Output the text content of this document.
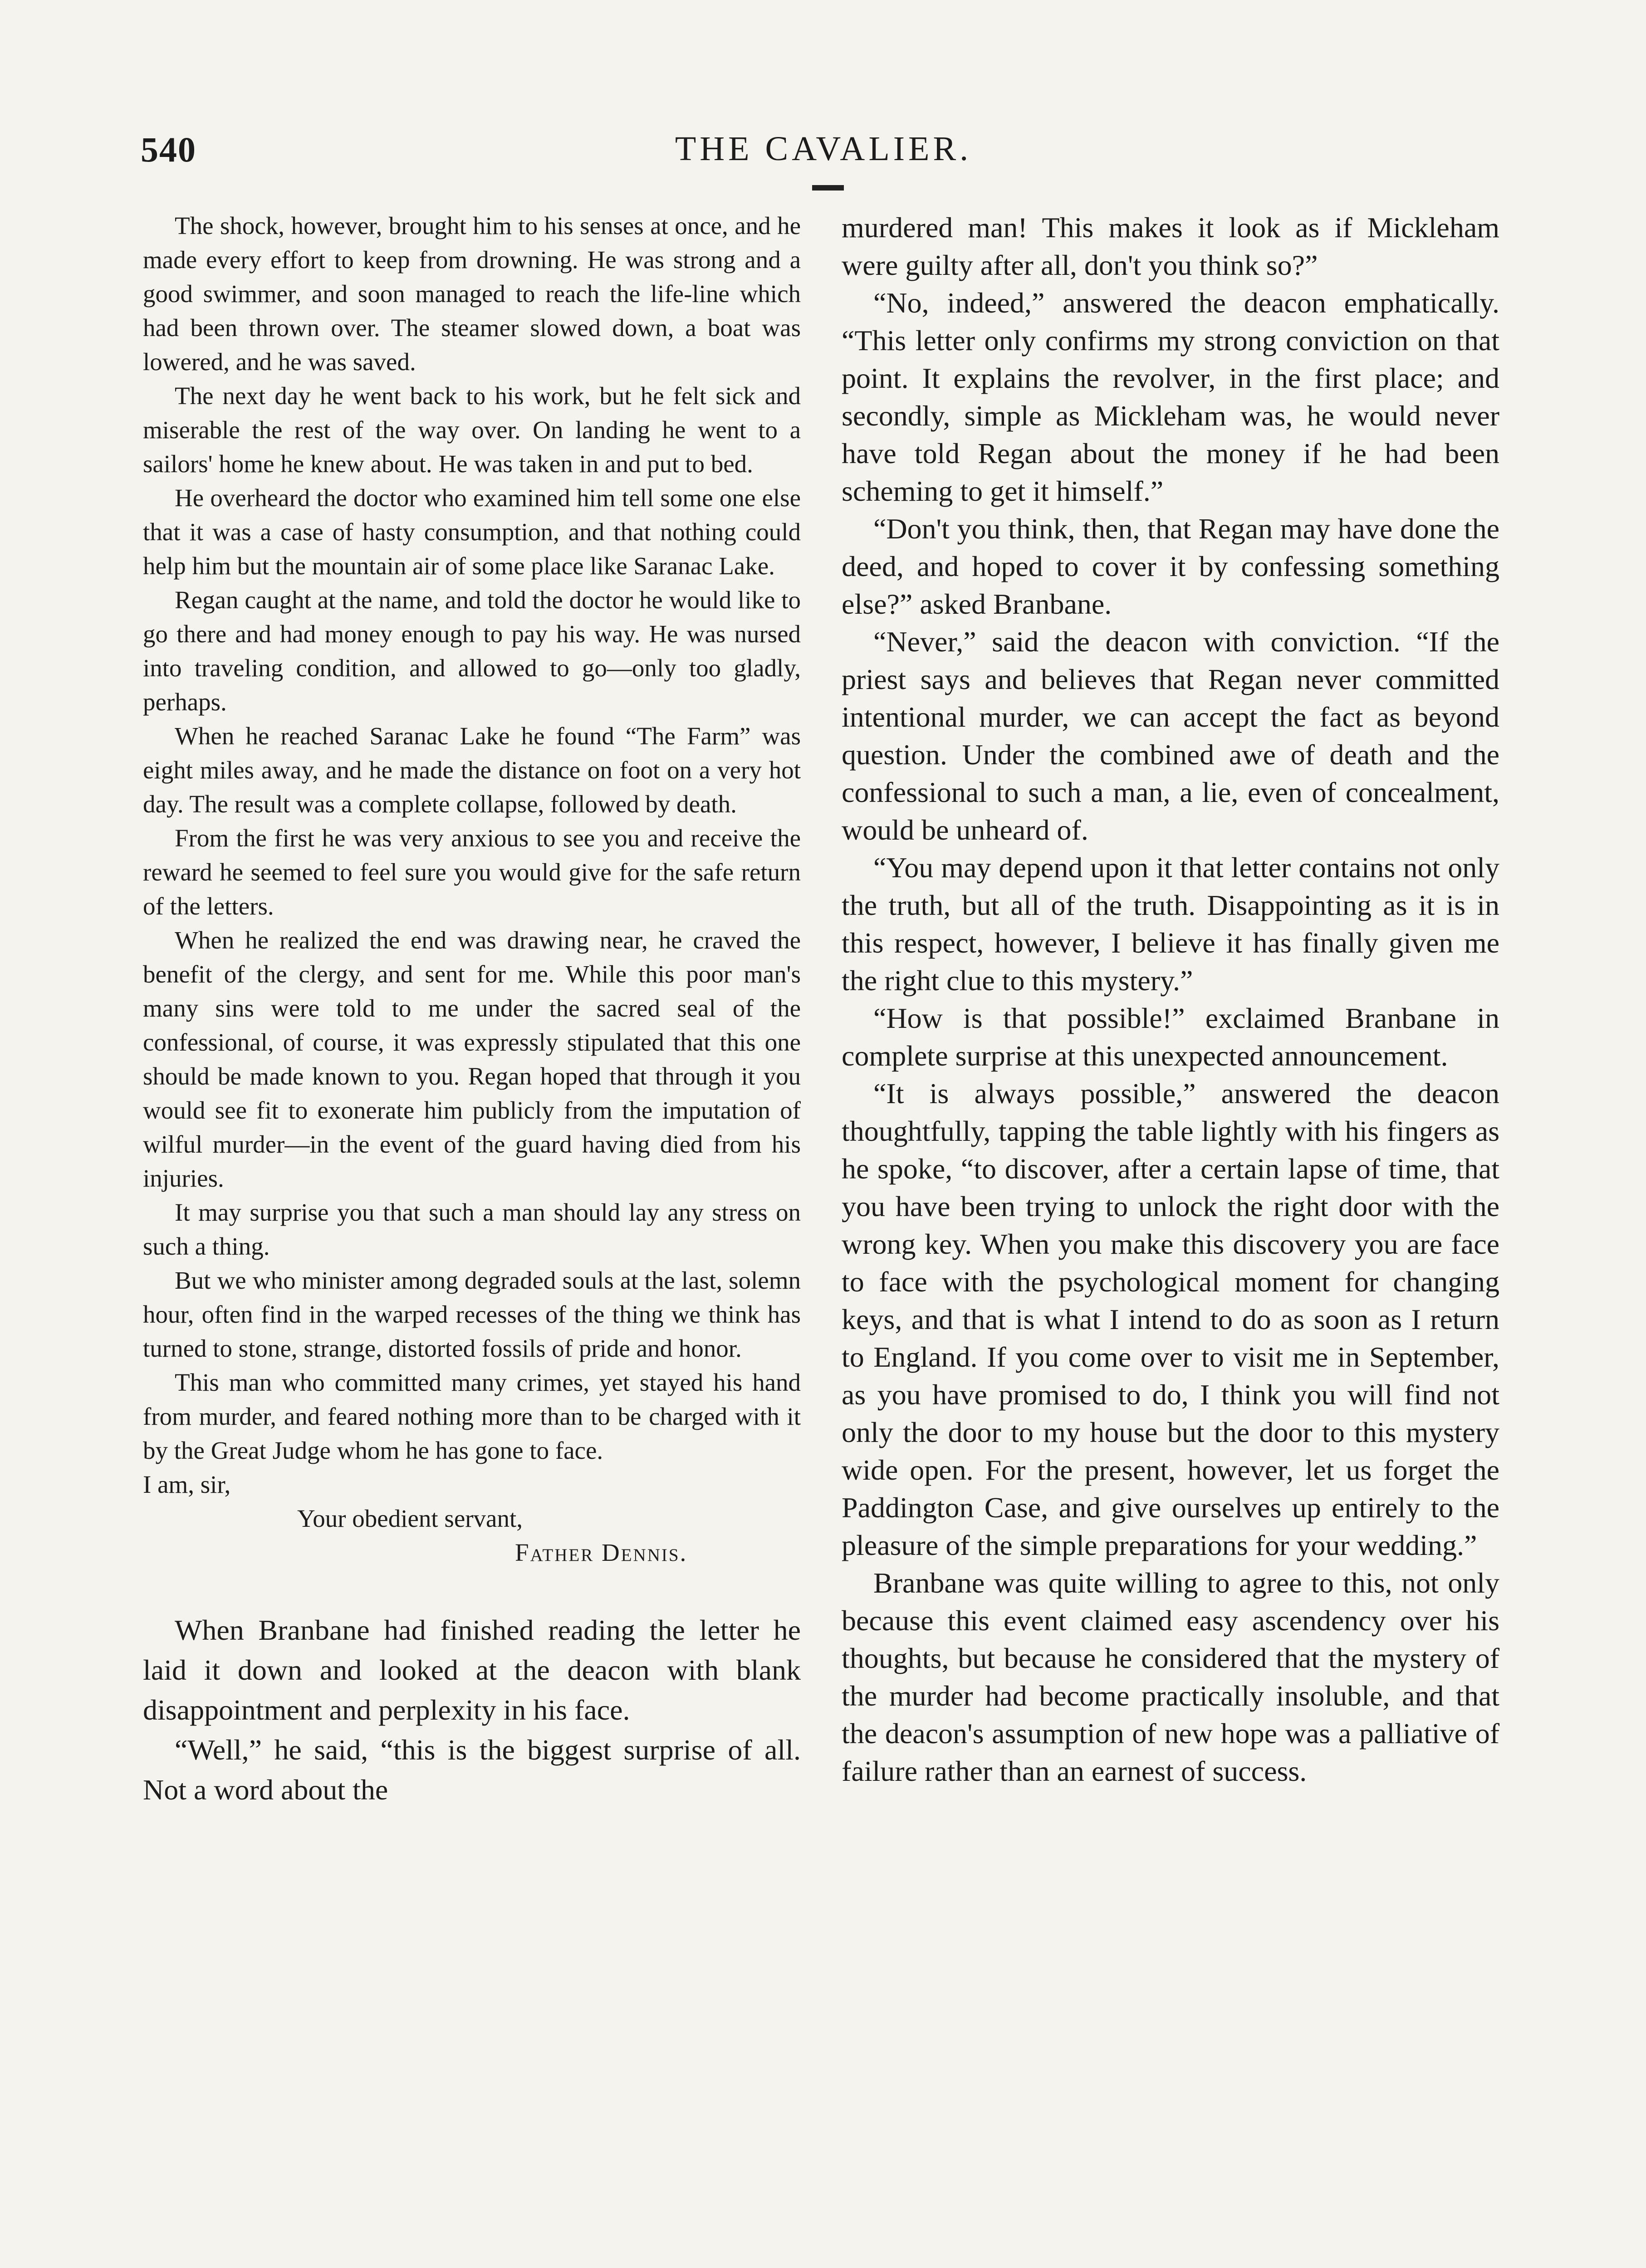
540	THE CAVALIER.

The shock, however, brought him to his senses at once, and he made every effort to keep from drowning. He was strong and a good swimmer, and soon managed to reach the life-line which had been thrown over. The steamer slowed down, a boat was lowered, and he was saved.

The next day he went back to his work, but he felt sick and miserable the rest of the way over. On landing he went to a sailors' home he knew about. He was taken in and put to bed.

He overheard the doctor who examined him tell some one else that it was a case of hasty consumption, and that nothing could help him but the mountain air of some place like Saranac Lake.

Regan caught at the name, and told the doctor he would like to go there and had money enough to pay his way. He was nursed into traveling condition, and allowed to go—only too gladly, perhaps.

When he reached Saranac Lake he found “The Farm” was eight miles away, and he made the distance on foot on a very hot day. The result was a complete collapse, followed by death.

From the first he was very anxious to see you and receive the reward he seemed to feel sure you would give for the safe return of the letters.

When he realized the end was drawing near, he craved the benefit of the clergy, and sent for me. While this poor man's many sins were told to me under the sacred seal of the confessional, of course, it was expressly stipulated that this one should be made known to you. Regan hoped that through it you would see fit to exonerate him publicly from the imputation of wilful murder—in the event of the guard having died from his injuries.

It may surprise you that such a man should lay any stress on such a thing.

But we who minister among degraded souls at the last, solemn hour, often find in the warped recesses of the thing we think has turned to stone, strange, distorted fossils of pride and honor.

This man who committed many crimes, yet stayed his hand from murder, and feared nothing more than to be charged with it by the Great Judge whom he has gone to face.

I am, sir,

Your obedient servant,

Father Dennis.

When Branbane had finished reading the letter he laid it down and looked at the deacon with blank disappointment and perplexity in his face.

“Well,” he said, “this is the biggest surprise of all. Not a word about the

murdered man! This makes it look as if Mickleham were guilty after all, don't you think so?”

“No, indeed,” answered the deacon emphatically. “This letter only confirms my strong conviction on that point. It explains the revolver, in the first place; and secondly, simple as Mickleham was, he would never have told Regan about the money if he had been scheming to get it himself.”

“Don't you think, then, that Regan may have done the deed, and hoped to cover it by confessing something else?” asked Branbane.

“Never,” said the deacon with conviction. “If the priest says and believes that Regan never committed intentional murder, we can accept the fact as beyond question. Under the combined awe of death and the confessional to such a man, a lie, even of concealment, would be unheard of.

“You may depend upon it that letter contains not only the truth, but all of the truth. Disappointing as it is in this respect, however, I believe it has finally given me the right clue to this mystery.”

“How is that possible!” exclaimed Branbane in complete surprise at this unexpected announcement.

“It is always possible,” answered the deacon thoughtfully, tapping the table lightly with his fingers as he spoke, “to discover, after a certain lapse of time, that you have been trying to unlock the right door with the wrong key. When you make this discovery you are face to face with the psychological moment for changing keys, and that is what I intend to do as soon as I return to England. If you come over to visit me in September, as you have promised to do, I think you will find not only the door to my house but the door to this mystery wide open. For the present, however, let us forget the Paddington Case, and give ourselves up entirely to the pleasure of the simple preparations for your wedding.”

Branbane was quite willing to agree to this, not only because this event claimed easy ascendency over his thoughts, but because he considered that the mystery of the murder had become practically insoluble, and that the deacon's assumption of new hope was a palliative of failure rather than an earnest of success.
